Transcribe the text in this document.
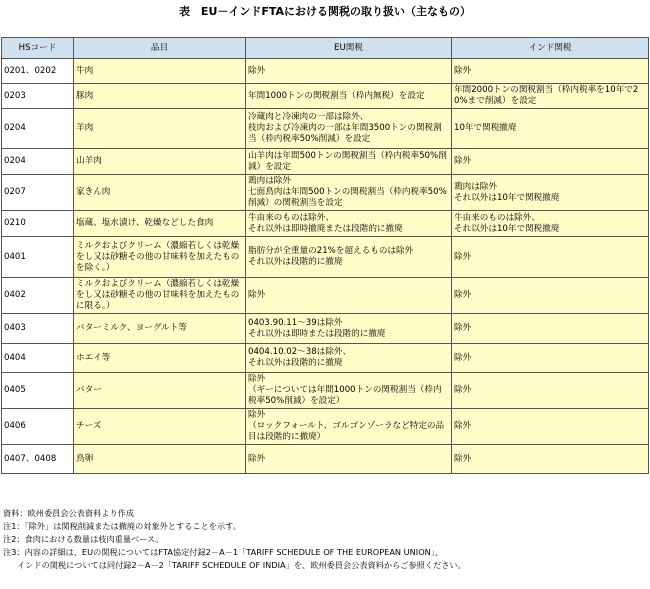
表　EU－インドFTAにおける関税の取り扱い（主なもの）
HSコード	品目	EU関税	インド関税
0201、0202	牛肉	除外	除外
0203	豚肉	年間1000トンの関税割当（枠内無税）を設定	年間2000トンの関税割当（枠内税率を10年で20%まで削減）を設定
0204	羊肉	冷蔵肉と冷凍肉の一部は除外、
枝肉および冷凍肉の一部は年間3500トンの関税割当（枠内税率50%削減）を設定	10年で関税撤廃
0204	山羊肉	山羊肉は年間500トンの関税割当（枠内税率50%削減）を設定	除外
0207	家きん肉	鶏肉は除外
七面鳥肉は年間500トンの関税割当（枠内税率50%削減）の関税割当を設定	鶏肉は除外
それ以外は10年で関税撤廃
0210	塩蔵、塩水漬け、乾燥などした食肉	牛由来のものは除外、
それ以外は即時撤廃または段階的に撤廃	牛由来のものは除外、
それ以外は10年で関税撤廃
0401	ミルクおよびクリーム（濃縮若しくは乾燥をし又は砂糖その他の甘味料を加えたものを除く。）	脂肪分が全重量の21%を超えるものは除外
それ以外は段階的に撤廃	除外
0402	ミルクおよびクリーム（濃縮若しくは乾燥をし又は砂糖その他の甘味料を加えたものに限る。）	除外	除外
0403	バターミルク、ヨーグルト等	0403.90.11～39は除外
それ以外は即時または段階的に撤廃	除外
0404	ホエイ等	0404.10.02～38は除外、
それ以外は段階的に撤廃	除外
0405	バター	除外
（ギーについては年間1000トンの関税割当（枠内税率50%削減）を設定）	除外
0406	チーズ	除外
（ロックフォールト、ゴルゴンゾーラなど特定の品目は段階的に撤廃）	除外
0407、0408	鳥卵	除外	除外
資料：欧州委員会公表資料より作成
注1：「除外」は関税削減または撤廃の対象外とすることを示す。
注2：食肉における数量は枝肉重量ベース。
注3：内容の詳細は、EUの関税についてはFTA協定付録2－A－1「TARIFF SCHEDULE OF THE EUROPEAN UNION」、
インドの関税については同付録2－A－2「TARIFF SCHEDULE OF INDIA」を、欧州委員会公表資料からご参照ください。
